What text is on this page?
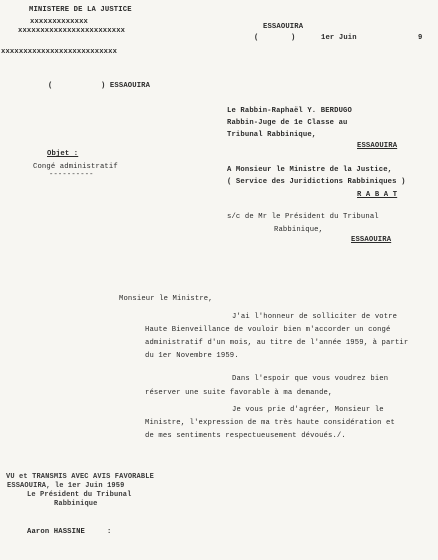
MINISTERE DE LA JUSTICE
xxxxxxxxxxxxx
xxxxxxxxxxxxxxxxxxxxxxxx
xxxxxxxxxxxxxxxxxxxxxxxxxx
ESSAOUIRA
(	)	1er Juin	9
(	) ESSAOUIRA
Le Rabbin-Raphaël Y. BERDUGO
Rabbin-Juge de 1e Classe au
Tribunal Rabbinique,
ESSAOUIRA
Objet :
Congé administratif
----------
A Monsieur le Ministre de la Justice,
( Service des Juridictions Rabbiniques )
R A B A T
s/c de Mr le Président du Tribunal
Rabbinique,
ESSAOUIRA
Monsieur le Ministre,
J'ai l'honneur de solliciter de votre
Haute Bienveillance de vouloir bien m'accorder un congé
administratif d'un mois, au titre de l'année 1959, à partir
du 1er Novembre 1959.
Dans l'espoir que vous voudrez bien
réserver une suite favorable à ma demande,
Je vous prie d'agréer, Monsieur le
Ministre, l'expression de ma très haute considération et
de mes sentiments respectueusement dévoués./.
VU et TRANSMIS AVEC AVIS FAVORABLE
ESSAOUIRA, le 1er Juin 1959
Le Président du Tribunal
Rabbinique
Aaron HASSINE	:
